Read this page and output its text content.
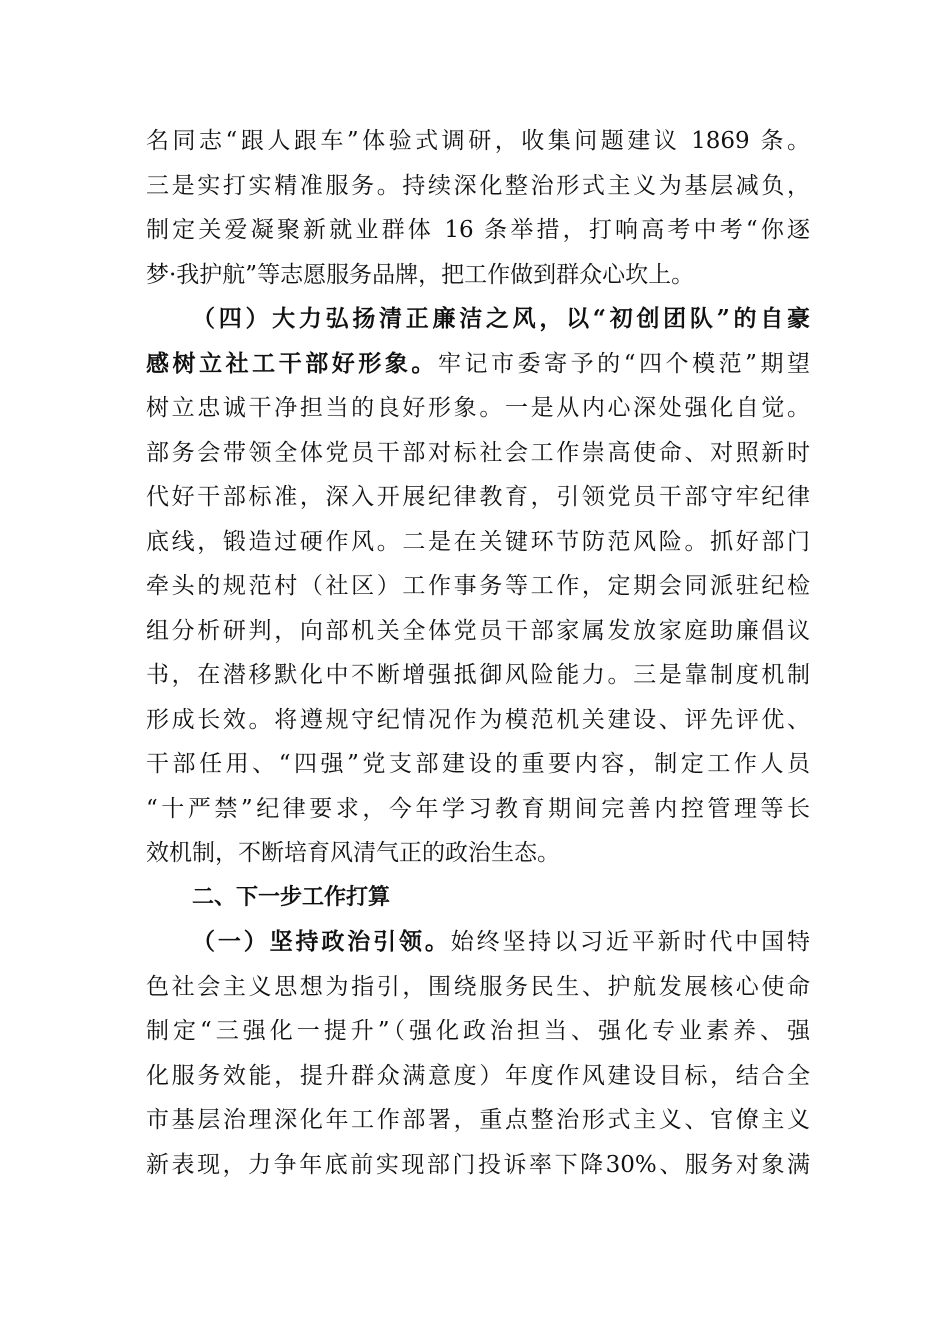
名同志“跟人跟车”体验式调研，收集问题建议 1869 条。
三是实打实精准服务。持续深化整治形式主义为基层减负，
制定关爱凝聚新就业群体 16 条举措，打响高考中考“你逐
梦·我护航”等志愿服务品牌，把工作做到群众心坎上。
（四）大力弘扬清正廉洁之风，以“初创团队”的自豪
感树立社工干部好形象。牢记市委寄予的“四个模范”期望
树立忠诚干净担当的良好形象。一是从内心深处强化自觉。
部务会带领全体党员干部对标社会工作崇高使命、对照新时
代好干部标准，深入开展纪律教育，引领党员干部守牢纪律
底线，锻造过硬作风。二是在关键环节防范风险。抓好部门
牵头的规范村（社区）工作事务等工作，定期会同派驻纪检
组分析研判，向部机关全体党员干部家属发放家庭助廉倡议
书，在潜移默化中不断增强抵御风险能力。三是靠制度机制
形成长效。将遵规守纪情况作为模范机关建设、评先评优、
干部任用、“四强”党支部建设的重要内容，制定工作人员
“十严禁”纪律要求，今年学习教育期间完善内控管理等长
效机制，不断培育风清气正的政治生态。
二、下一步工作打算
（一）坚持政治引领。始终坚持以习近平新时代中国特
色社会主义思想为指引，围绕服务民生、护航发展核心使命
制定“三强化一提升”（强化政治担当、强化专业素养、强
化服务效能，提升群众满意度）年度作风建设目标，结合全
市基层治理深化年工作部署，重点整治形式主义、官僚主义
新表现，力争年底前实现部门投诉率下降30%、服务对象满
